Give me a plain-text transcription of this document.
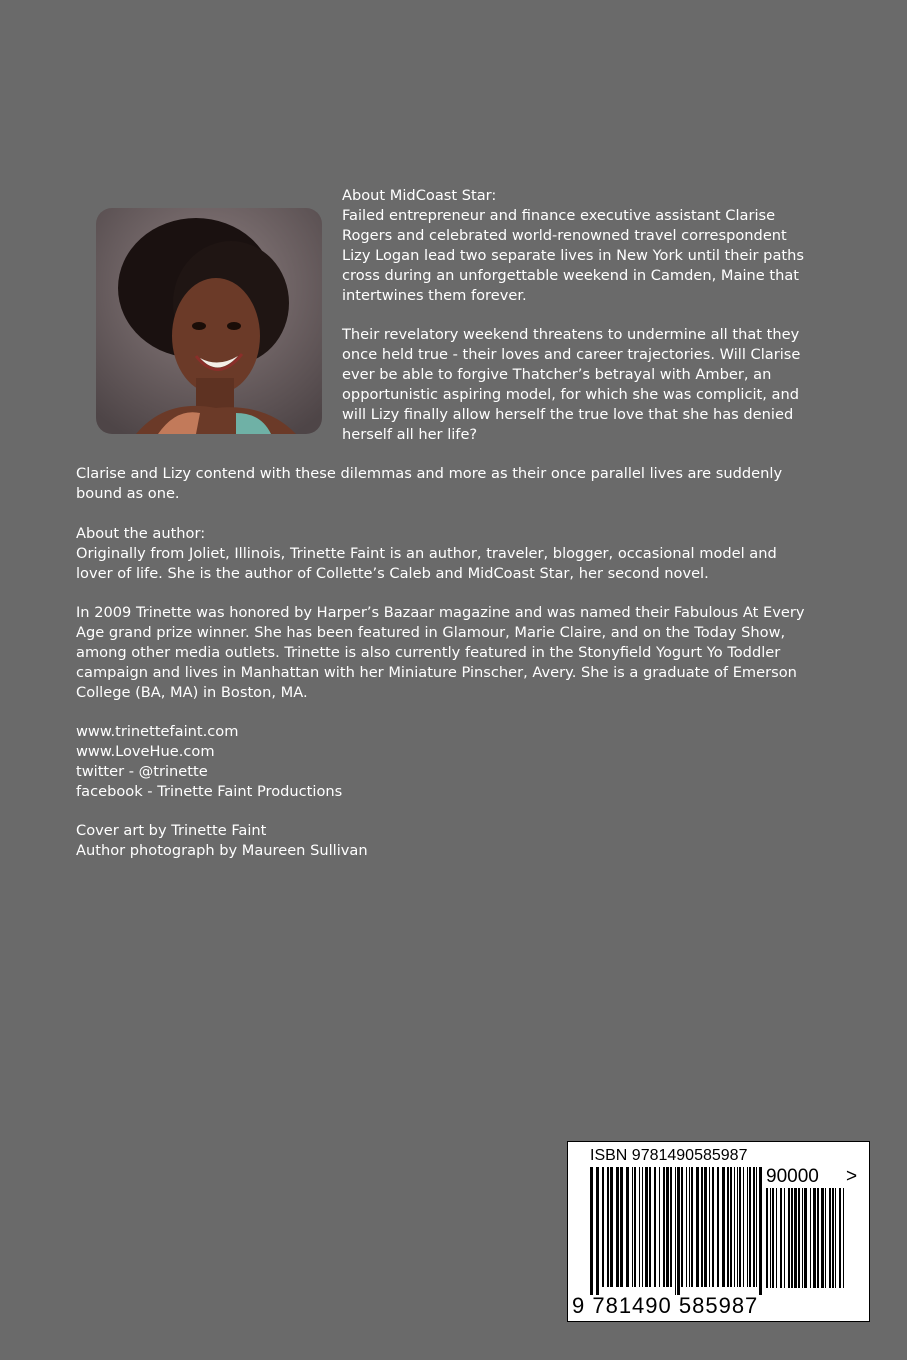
About MidCoast Star:
Failed entrepreneur and finance executive assistant Clarise
Rogers and celebrated world-renowned travel correspondent
Lizy Logan lead two separate lives in New York until their paths
cross during an unforgettable weekend in Camden, Maine that
intertwines them forever.

Their revelatory weekend threatens to undermine all that they
once held true - their loves and career trajectories. Will Clarise
ever be able to forgive Thatcher’s betrayal with Amber, an
opportunistic aspiring model, for which she was complicit, and
will Lizy finally allow herself the true love that she has denied
herself all her life?

Clarise and Lizy contend with these dilemmas and more as their once parallel lives are suddenly
bound as one.

About the author:
Originally from Joliet, Illinois, Trinette Faint is an author, traveler, blogger, occasional model and
lover of life. She is the author of Collette’s Caleb and MidCoast Star, her second novel.

In 2009 Trinette was honored by Harper’s Bazaar magazine and was named their Fabulous At Every
Age grand prize winner. She has been featured in Glamour, Marie Claire, and on the Today Show,
among other media outlets. Trinette is also currently featured in the Stonyfield Yogurt Yo Toddler
campaign and lives in Manhattan with her Miniature Pinscher, Avery. She is a graduate of Emerson
College (BA, MA) in Boston, MA.

www.trinettefaint.com
www.LoveHue.com
twitter - @trinette
facebook - Trinette Faint Productions

Cover art by Trinette Faint
Author photograph by Maureen Sullivan

ISBN 9781490585987
90000 >
9 781490 585987
